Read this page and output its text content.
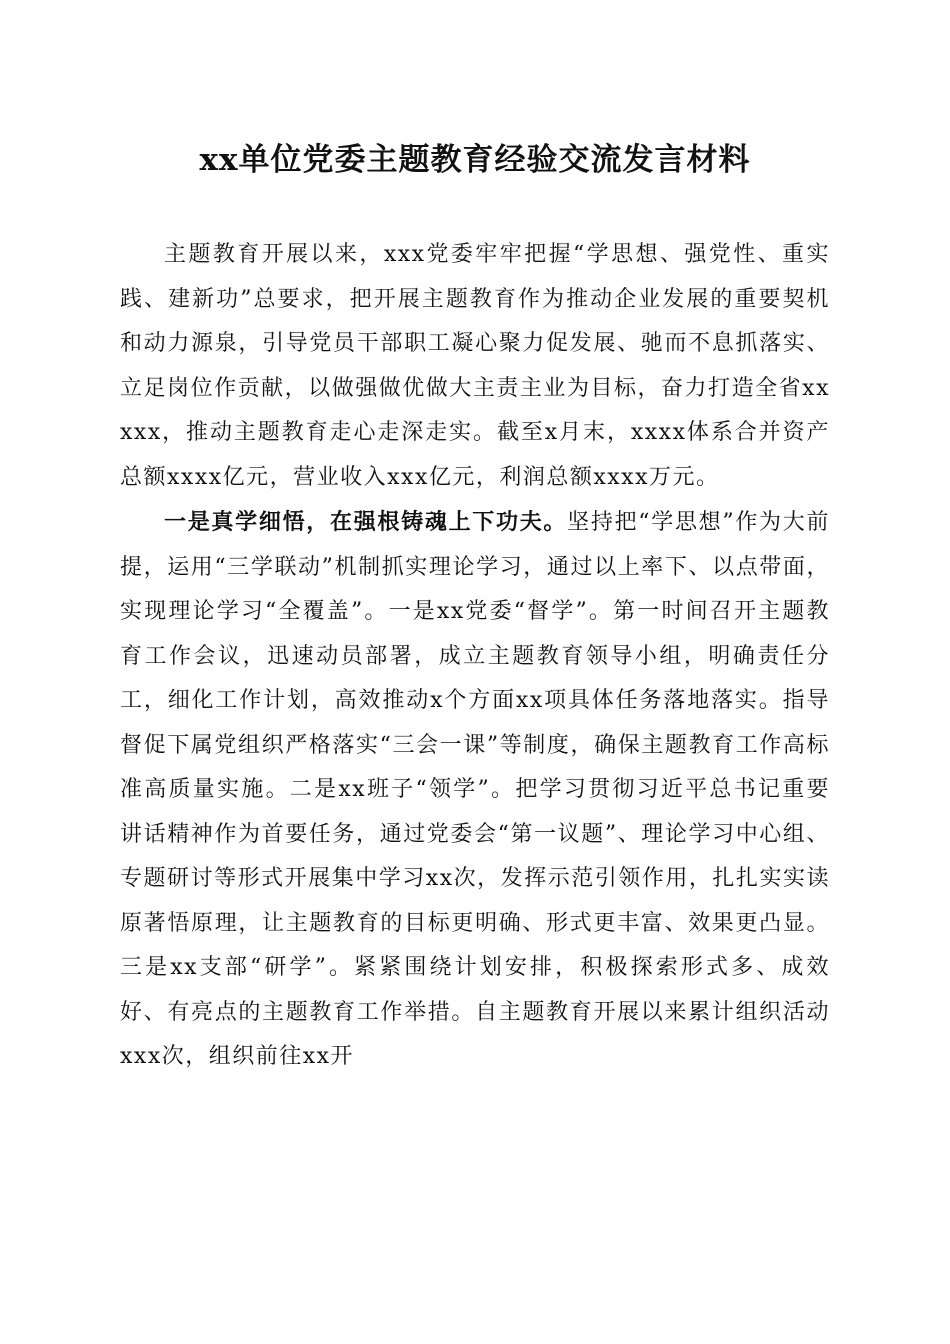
xx单位党委主题教育经验交流发言材料

主题教育开展以来，xxx党委牢牢把握“学思想、强党性、重实践、建新功”总要求，把开展主题教育作为推动企业发展的重要契机和动力源泉，引导党员干部职工凝心聚力促发展、驰而不息抓落实、立足岗位作贡献，以做强做优做大主责主业为目标，奋力打造全省xxxxx，推动主题教育走心走深走实。截至x月末，xxxx体系合并资产总额xxxx亿元，营业收入xxx亿元，利润总额xxxx万元。

一是真学细悟，在强根铸魂上下功夫。坚持把“学思想”作为大前提，运用“三学联动”机制抓实理论学习，通过以上率下、以点带面，实现理论学习“全覆盖”。一是xx党委“督学”。第一时间召开主题教育工作会议，迅速动员部署，成立主题教育领导小组，明确责任分工，细化工作计划，高效推动x个方面xx项具体任务落地落实。指导督促下属党组织严格落实“三会一课”等制度，确保主题教育工作高标准高质量实施。二是xx班子“领学”。把学习贯彻习近平总书记重要讲话精神作为首要任务，通过党委会“第一议题”、理论学习中心组、专题研讨等形式开展集中学习xx次，发挥示范引领作用，扎扎实实读原著悟原理，让主题教育的目标更明确、形式更丰富、效果更凸显。三是xx支部“研学”。紧紧围绕计划安排，积极探索形式多、成效好、有亮点的主题教育工作举措。自主题教育开展以来累计组织活动xxx次，组织前往xx开
